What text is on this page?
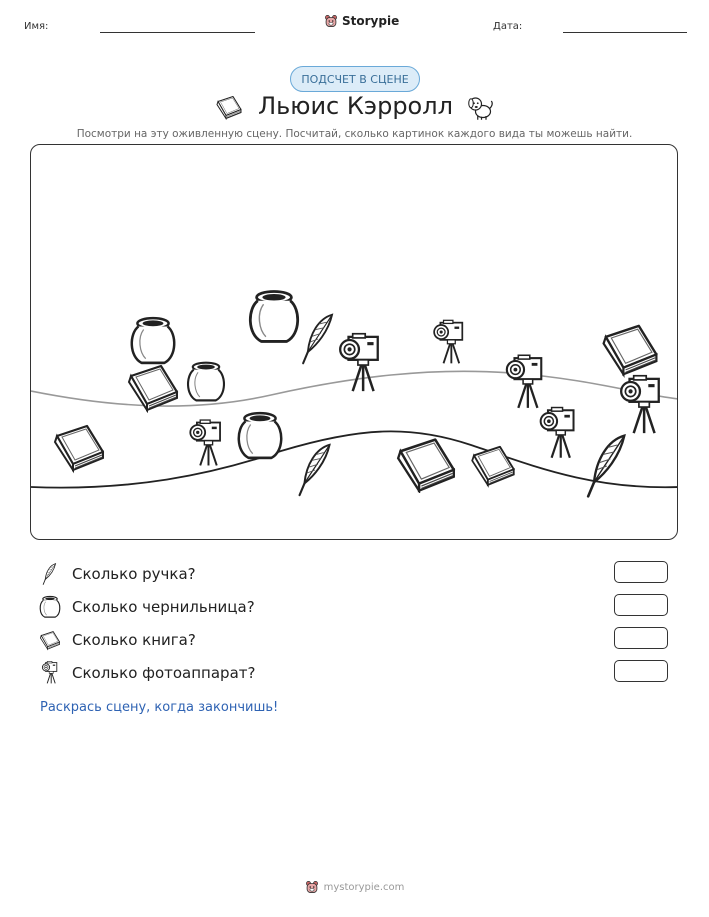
Имя:	Storypie	Дата:
ПОДСЧЕТ В СЦЕНЕ
Льюис Кэрролл
Посмотри на эту оживленную сцену. Посчитай, сколько картинок каждого вида ты можешь найти.
Сколько ручка?
Сколько чернильница?
Сколько книга?
Сколько фотоаппарат?
Раскрась сцену, когда закончишь!
mystorypie.com
